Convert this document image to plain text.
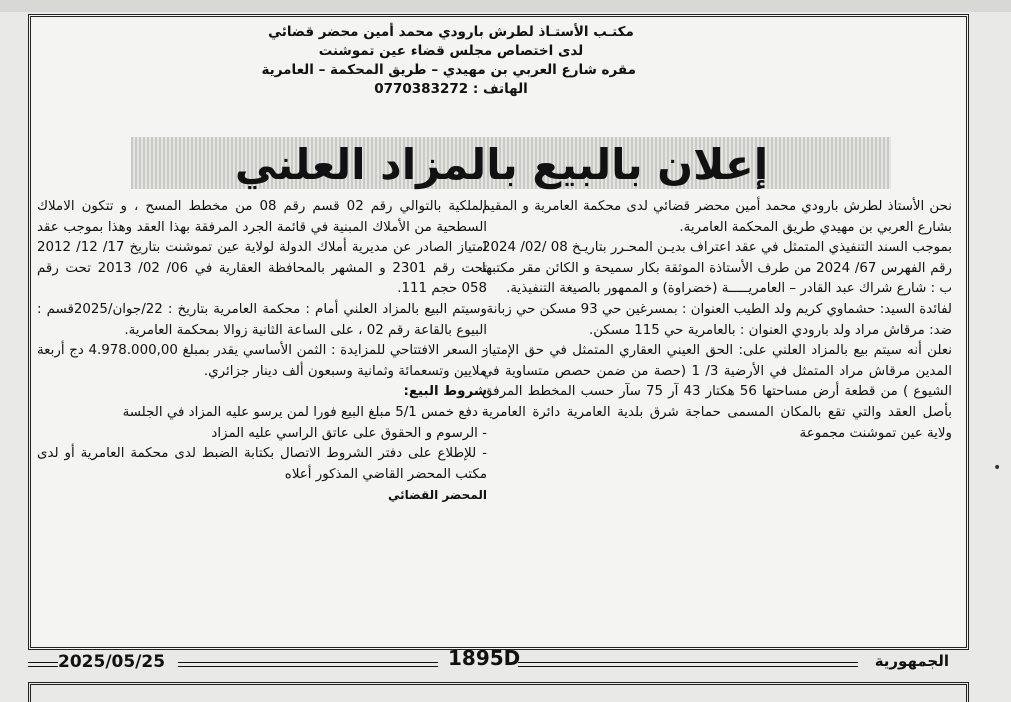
مكتـب الأستـاذ لطرش بارودي محمد أمين محضر قضائي
لدى اختصاص مجلس قضاء عين تموشنت
مقره شارع العربي بن مهيدي – طريق المحكمة – العامرية
الهاتف : 0770383272
إعلان بالبيع بالمزاد العلني

نحن الأستاذ لطرش بارودي محمد أمين محضر قضائي لدى محكمة العامرية و المقيم بشارع العربي بن مهيدي طريق المحكمة العامرية.

بموجب السند التنفيذي المتمثل في عقد اعتراف بديـن المحـرر بتاريـخ 08 /02/ 2024 رقم الفهرس 67/ 2024 من طرف الأستاذة الموثقة بكار سميحة و الكائن مقر مكتبها ب : شارع شراك عبد القادر – العامريـــــة (خضراوة) و الممهور بالصيغة التنفيذية.

لفائدة السيد: حشماوي كريم ولد الطيب العنوان : بمسرغين حي 93 مسكن حي زبانة

ضد: مرقاش مراد ولد بارودي العنوان : بالعامرية حي 115 مسكن.

نعلن أنه سيتم بيع بالمزاد العلني على: الحق العيني العقاري المتمثل في حق الإمتياز المدين مرقاش مراد المتمثل في الأرضية 3/ 1 (حصة من ضمن حصص متساوية في الشيوع ) من قطعة أرض مساحتها 56 هكتار 43 آر 75 سآر حسب المخطط المرفق بأصل العقد والتي تقع بالمكان المسمى حماجة شرق بلدية العامرية دائرة العامرية ولاية عين تموشنت مجموعة

الملكية بالتوالي رقم 02 قسم رقم 08 من مخطط المسح ، و تتكون الاملاك السطحية من الأملاك المبنية في قائمة الجرد المرفقة بهذا العقد وهذا بموجب عقد امتياز الصادر عن مديرية أملاك الدولة لولاية عين تموشنت بتاريخ 17/ 12/ 2012 تحت رقم 2301 و المشهر بالمحافظة العقارية في 06/ 02/ 2013 تحت رقم 058 حجم 111.

وسيتم البيع بالمزاد العلني أمام : محكمة العامرية بتاريخ : 22/جوان/2025قسم : البيوع بالقاعة رقم 02 ، على الساعة الثانية زوالا بمحكمة العامرية.

- السعر الافتتاحي للمزايدة : الثمن الأساسي يقدر بمبلغ 4.978.000,00 دج أربعة ملايين وتسعمائة وثمانية وسبعون ألف دينار جزائري.

شروط البيع:

- دفع خمس 5/1 مبلغ البيع فورا لمن يرسو عليه المزاد في الجلسة

- الرسوم و الحقوق على عاتق الراسي عليه المزاد

- للإطلاع على دفتر الشروط الاتصال بكتابة الضبط لدى محكمة العامرية أو لدى مكتب المحضر القاضي المذكور أعلاه

المحضر القضائي

2025/05/25	1895D	الجمهورية
•
